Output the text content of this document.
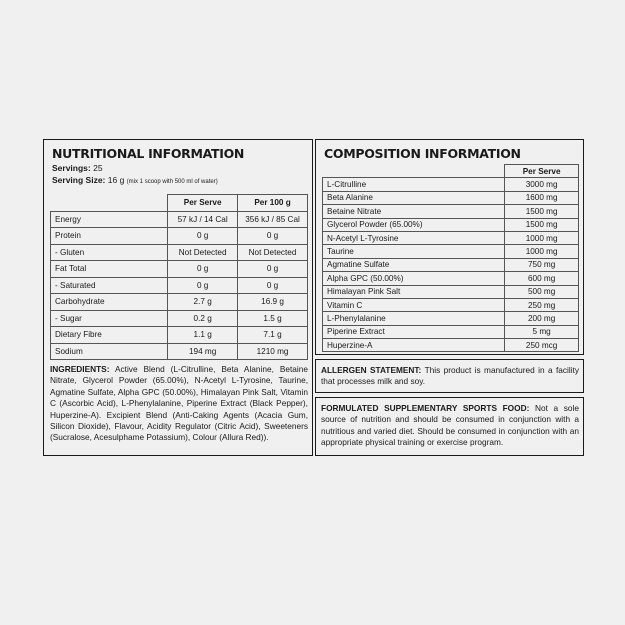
NUTRITIONAL INFORMATION
Servings: 25
Serving Size: 16 g (mix 1 scoop with 500 ml of water)
	Per Serve	Per 100 g
Energy	57 kJ / 14 Cal	356 kJ / 85 Cal
Protein	0 g	0 g
- Gluten	Not Detected	Not Detected
Fat Total	0 g	0 g
- Saturated	0 g	0 g
Carbohydrate	2.7 g	16.9 g
- Sugar	0.2 g	1.5 g
Dietary Fibre	1.1 g	7.1 g
Sodium	194 mg	1210 mg
INGREDIENTS: Active Blend (L-Citrulline, Beta Alanine, Betaine Nitrate, Glycerol Powder (65.00%), N-Acetyl L-Tyrosine, Taurine, Agmatine Sulfate, Alpha GPC (50.00%), Himalayan Pink Salt, Vitamin C (Ascorbic Acid), L-Phenylalanine, Piperine Extract (Black Pepper), Huperzine-A). Excipient Blend (Anti-Caking Agents (Acacia Gum, Silicon Dioxide), Flavour, Acidity Regulator (Citric Acid), Sweeteners (Sucralose, Acesulphame Potassium), Colour (Allura Red)).
COMPOSITION INFORMATION
	Per Serve
L-Citrulline	3000 mg
Beta Alanine	1600 mg
Betaine Nitrate	1500 mg
Glycerol Powder (65.00%)	1500 mg
N-Acetyl L-Tyrosine	1000 mg
Taurine	1000 mg
Agmatine Sulfate	750 mg
Alpha GPC (50.00%)	600 mg
Himalayan Pink Salt	500 mg
Vitamin C	250 mg
L-Phenylalanine	200 mg
Piperine Extract	5 mg
Huperzine-A	250 mcg
ALLERGEN STATEMENT: This product is manufactured in a facility that processes milk and soy.
FORMULATED SUPPLEMENTARY SPORTS FOOD: Not a sole source of nutrition and should be consumed in conjunction with a nutritious and varied diet. Should be consumed in conjunction with an appropriate physical training or exercise program.
